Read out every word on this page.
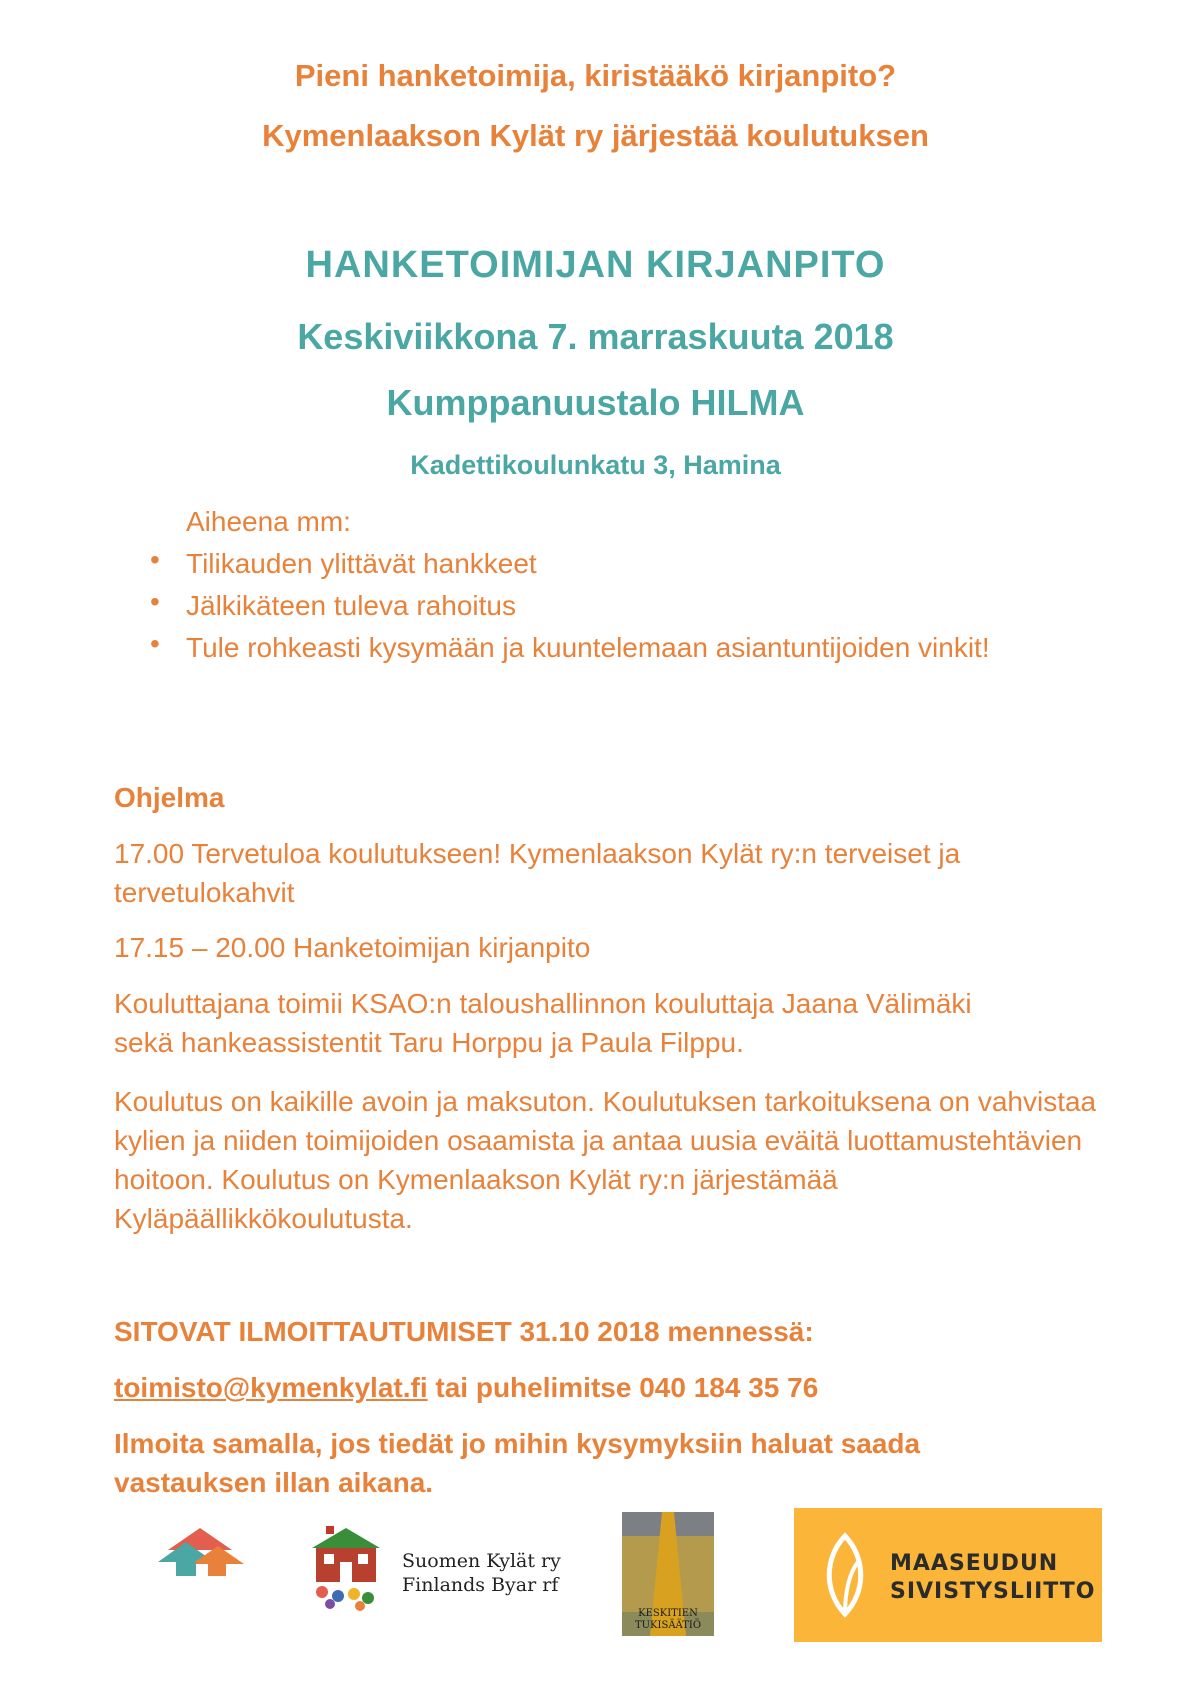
Pieni hanketoimija, kiristääkö kirjanpito?
Kymenlaakson Kylät ry järjestää koulutuksen
HANKETOIMIJAN KIRJANPITO
Keskiviikkona 7. marraskuuta 2018
Kumppanuustalo HILMA
Kadettikoulunkatu 3, Hamina
Aiheena mm:
• Tilikauden ylittävät hankkeet
• Jälkikäteen tuleva rahoitus
• Tule rohkeasti kysymään ja kuuntelemaan asiantuntijoiden vinkit!
Ohjelma
17.00 Tervetuloa koulutukseen! Kymenlaakson Kylät ry:n terveiset ja tervetulokahvit
17.15 – 20.00 Hanketoimijan kirjanpito
Kouluttajana toimii KSAO:n taloushallinnon kouluttaja Jaana Välimäki sekä hankeassistentit Taru Horppu ja Paula Filppu.
Koulutus on kaikille avoin ja maksuton. Koulutuksen tarkoituksena on vahvistaa kylien ja niiden toimijoiden osaamista ja antaa uusia eväitä luottamustehtävien hoitoon. Koulutus on Kymenlaakson Kylät ry:n järjestämää Kyläpäällikkökoulutusta.
SITOVAT ILMOITTAUTUMISET 31.10 2018 mennessä:
toimisto@kymenkylat.fi tai puhelimitse 040 184 35 76
Ilmoita samalla, jos tiedät jo mihin kysymyksiin haluat saada vastauksen illan aikana.
Suomen Kylät ry
Finlands Byar rf
KESKITIEN
TUKISÄÄTIÖ
MAASEUDUN
SIVISTYSLIITTO
